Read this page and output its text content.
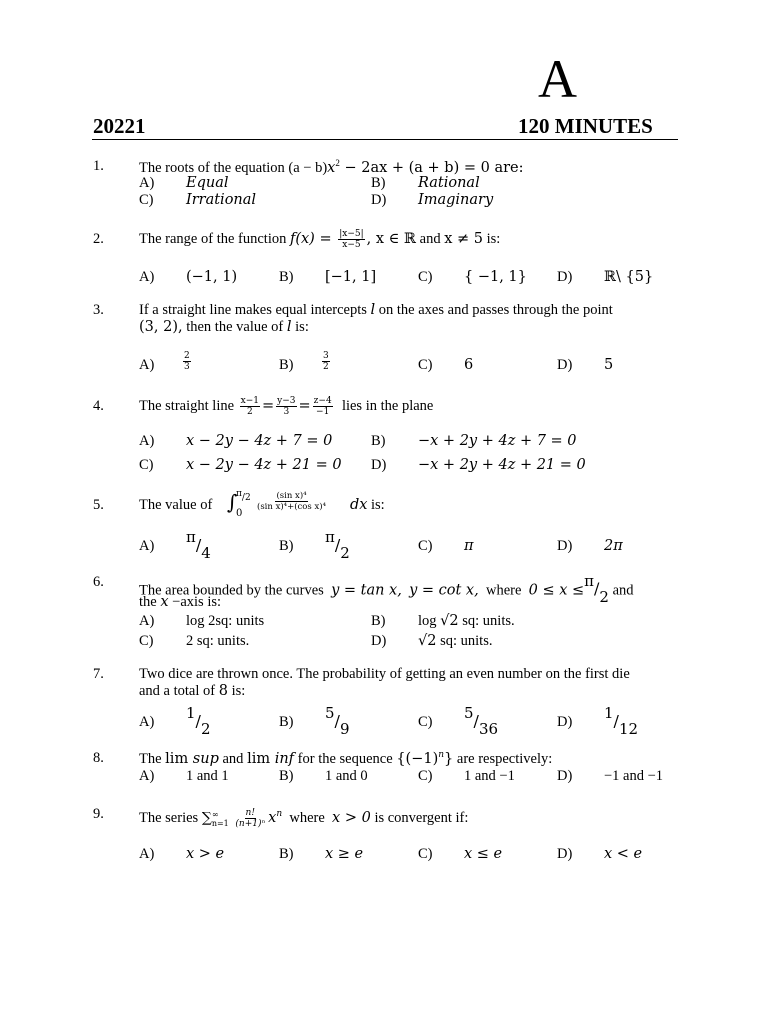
A
20221	120 MINUTES
1. The roots of the equation $(a - b)x^2 - 2ax + (a + b) = 0$ are:
A) Equal	B) Rational
C) Irrational	D) Imaginary
2. The range of the function $f(x) = \frac{|x-5|}{x-5}$ , x ∈ ℝ and x ≠ 5 is:
A) (−1, 1)	B) [−1, 1]	C) { −1, 1} D) ℝ\ {5}
3. If a straight line makes equal intercepts l on the axes and passes through the point
(3, 2), then the value of l is:
A)	$\frac{2}{3}$	B)	$\frac{3}{2}$	C) 6	D) 5
4. The straight line $\frac{x-1}{2} = \frac{y-3}{3} = \frac{z-4}{-1}$ lies in the plane
A) x − 2y − 4z + 7 = 0	B) −x + 2y + 4z + 7 = 0
C) x − 2y − 4z + 21 = 0 D) −x + 2y + 4z + 21 = 0
5. The value of ∫
π/2
0
$\frac{\text{(sin x)⁴}}{\text{(sin x)⁴+(cos x)⁴}}$ dx is:
A) $^\pi/_4$	B) $^\pi/_2$	C) π	D) 2π
6.
The area bounded by the curves y = tan x, y = cot x, where $0 \le x \le^\pi/_2$ and
the x −axis is:
A) log 2sq: units	B) log √2 sq: units.
C) 2 sq: units.	D) √2 sq: units.
7. Two dice are thrown once. The probability of getting an even number on the first die
and a total of 8 is:
A) $^1/_2$	B) $^5/_9$	C) $^5/_{36}$	D) $^1/_{12}$
8. The lim sup and lim inf for the sequence $\{(-1)^n\}$ are respectively:
A) 1 and 1	B) 1 and 0	C) 1 and −1	D) −1 and −1
9. The series ∑ ∞
n=1
$\frac{n!}{\text{(n+1)ⁿ}} x^n$ where x > 0 is convergent if:
A) x > e	B) x ≥ e	C) x ≤ e	D) x < e
